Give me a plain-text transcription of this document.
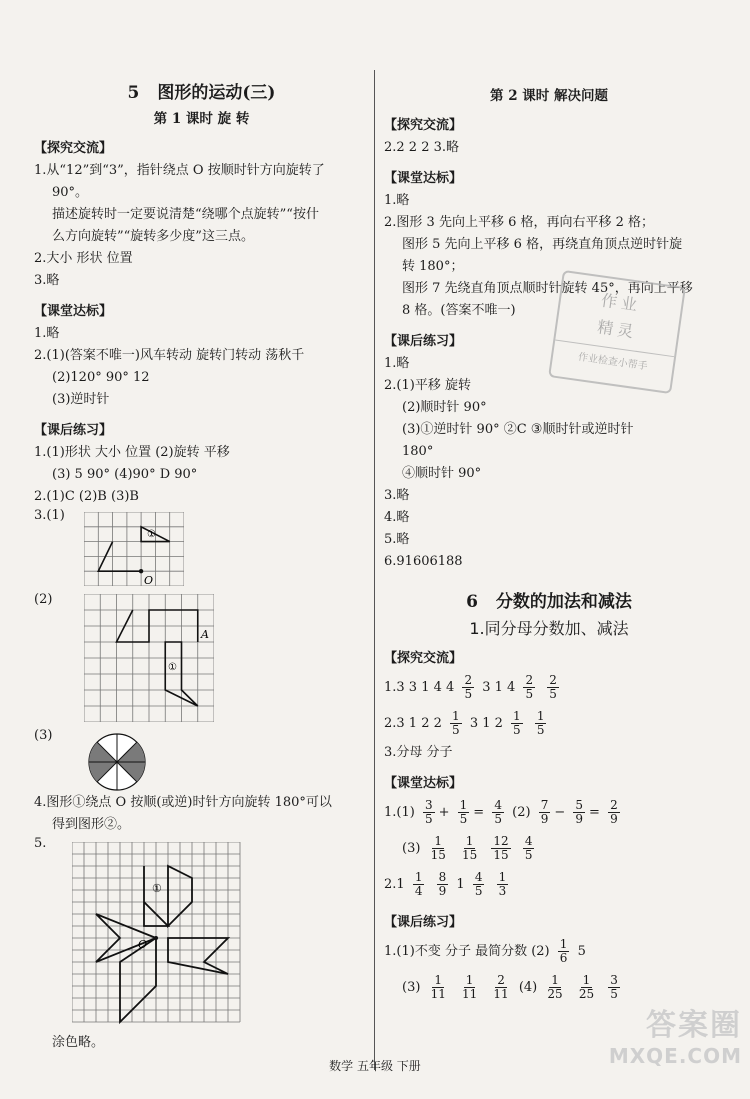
5 图形的运动(三)
第 1 课时 旋 转
【探究交流】

1.从“12”到“3”，指针绕点 O 按顺时针方向旋转了

90°。

描述旋转时一定要说清楚“绕哪个点旋转”“按什

么方向旋转”“旋转多少度”这三点。

2.大小 形状 位置

3.略

【课堂达标】

1.略

2.(1)(答案不唯一)风车转动 旋转门转动 荡秋千

(2)120° 90° 12

(3)逆时针

【课后练习】

1.(1)形状 大小 位置 (2)旋转 平移

(3) 5 90° (4)90° D 90°

2.(1)C (2)B (3)B

3.(1)
①
O
(2)
A
①
(3)

4.图形①绕点 O 按顺(或逆)时针方向旋转 180°可以

得到图形②。

5.
①
O

涂色略。

第 2 课时 解决问题
【探究交流】

2.2 2 2 3.略

【课堂达标】

1.略

2.图形 3 先向上平移 6 格，再向右平移 2 格；

图形 5 先向上平移 6 格，再绕直角顶点逆时针旋

转 180°；

图形 7 先绕直角顶点顺时针旋转 45°，再向上平移

8 格。(答案不唯一)

【课后练习】

1.略

2.(1)平移 旋转

(2)顺时针 90°

(3)①逆时针 90° ②C ③顺时针或逆时针

180°

④顺时针 90°

3.略

4.略

5.略

6.91606188

6 分数的加法和减法
1.同分母分数加、减法
【探究交流】

1.3 3 1 4 $4 \frac{2}{5} 3$ 1 $4 \frac{2}{5}$
$\frac{2}{5}$

2.3 1 2 $2 \frac{1}{5} 3$ 1 $2 \frac{1}{5}$
$\frac{1}{5}$

3.分母 分子

【课堂达标】

$1.(1) \frac{3}{5} + \frac{1}{5} = \frac{4}{5} (2) \frac{7}{9} - \frac{5}{9} = \frac{2}{9}$

$(3) \frac{1}{15}$
$\frac{1}{15}$
$\frac{12}{15}$
$\frac{4}{5}$

$2.1 \frac{1}{4}$
$\frac{8}{9} 1 \frac{4}{5}$
$\frac{1}{3}$

【课后练习】

1.(1)不变 分子 最简分数 $(2) \frac{1}{6} 5$

$(3) \frac{1}{11}$
$\frac{1}{11}$
$\frac{2}{11} (4) \frac{1}{25}$
$\frac{1}{25}$
$\frac{3}{5}$

作业
精灵
作业检查小帮手
数学 五年级 下册
答案圈
MXQE.COM
